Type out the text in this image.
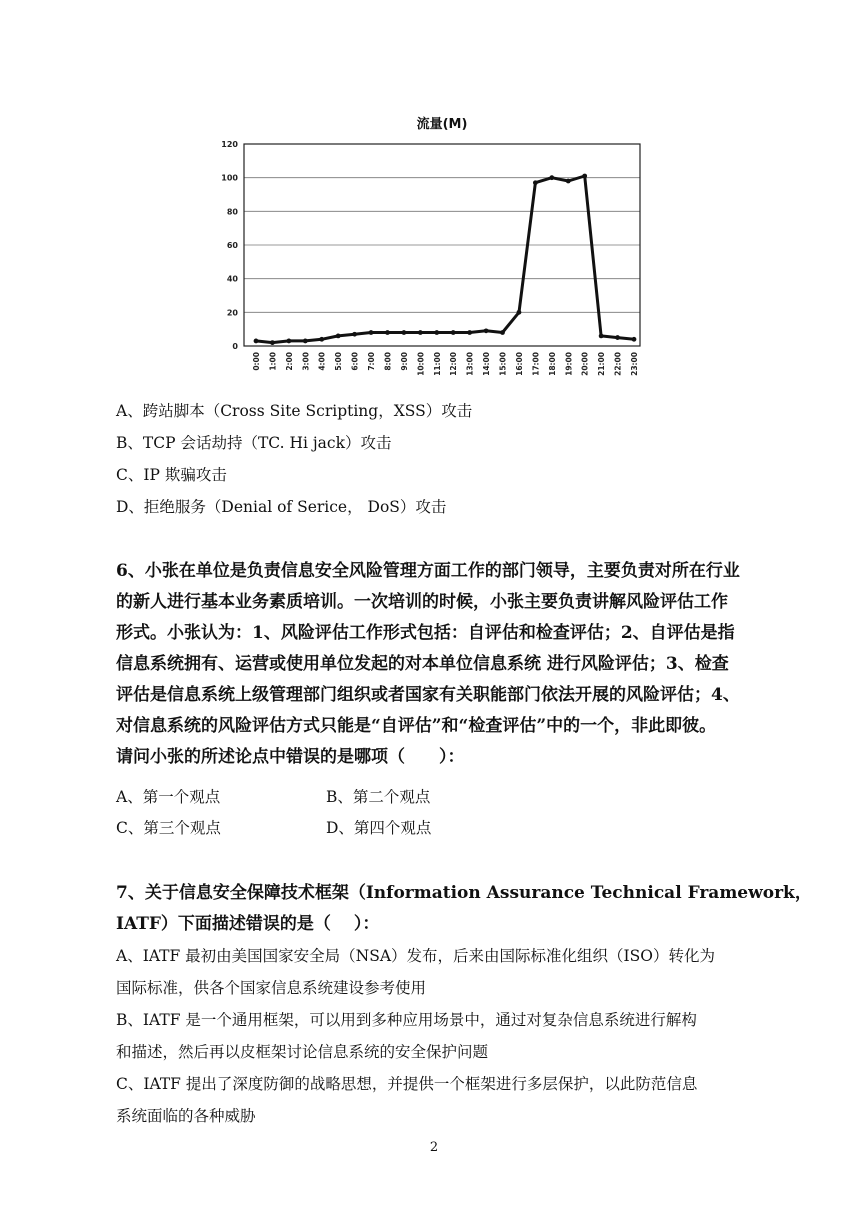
流量(M)
0
20
40
60
80
100
120
0:00 1:00 2:00 3:00 4:00 5:00 6:00 7:00 8:00 9:00 10:00 11:00 12:00 13:00 14:00 15:00 16:00 17:00 18:00 19:00 20:00 21:00 22:00 23:00
A、跨站脚本（Cross Site Scripting，XSS）攻击
B、TCP 会话劫持（TC. Hi jack）攻击
C、IP 欺骗攻击
D、拒绝服务（Denial of Serice， DoS）攻击
6、小张在单位是负责信息安全风险管理方面工作的部门领导，主要负责对所在行业
的新人进行基本业务素质培训。一次培训的时候，小张主要负责讲解风险评估工作
形式。小张认为：1、风险评估工作形式包括：自评估和检查评估；2、自评估是指
信息系统拥有、运营或使用单位发起的对本单位信息系统 进行风险评估；3、检查
评估是信息系统上级管理部门组织或者国家有关职能部门依法开展的风险评估；4、
对信息系统的风险评估方式只能是“自评估”和“检查评估”中的一个，非此即彼。
请问小张的所述论点中错误的是哪项（　　）：
A、第一个观点	B、第二个观点
C、第三个观点	D、第四个观点
7、关于信息安全保障技术框架（Information Assurance Technical Framework，
IATF）下面描述错误的是（　 ）：
A、IATF 最初由美国国家安全局（NSA）发布，后来由国际标准化组织（ISO）转化为
国际标准，供各个国家信息系统建设参考使用
B、IATF 是一个通用框架，可以用到多种应用场景中，通过对复杂信息系统进行解构
和描述，然后再以皮框架讨论信息系统的安全保护问题
C、IATF 提出了深度防御的战略思想，并提供一个框架进行多层保护，以此防范信息
系统面临的各种威胁
2
